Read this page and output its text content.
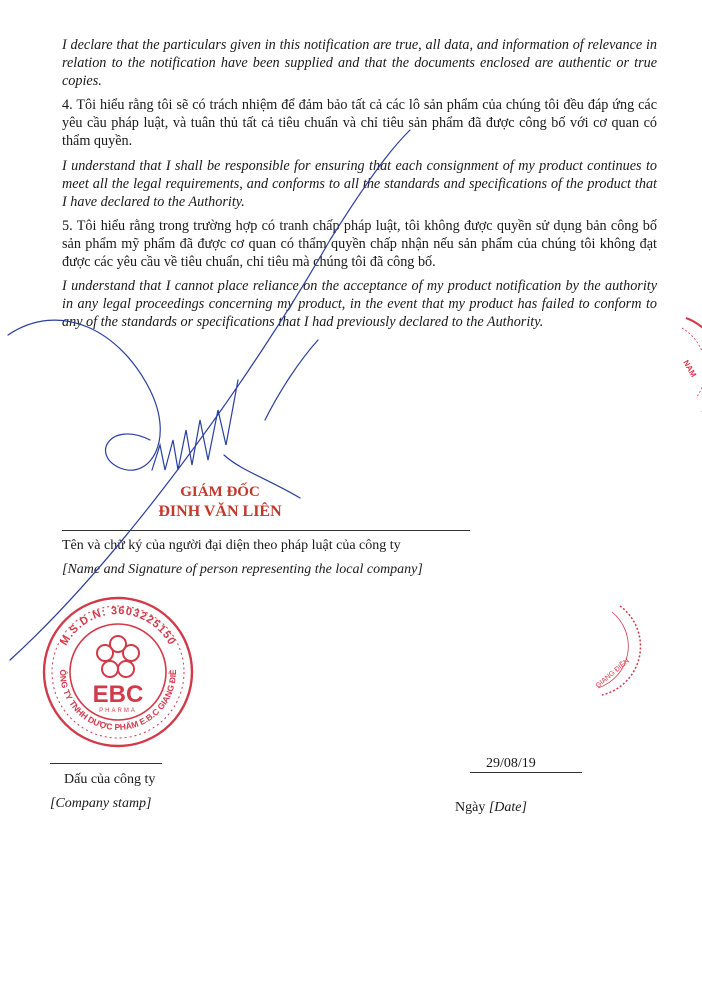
I declare that the particulars given in this notification are true, all data, and information of relevance in relation to the notification have been supplied and that the documents enclosed are authentic or true copies.

4. Tôi hiểu rằng tôi sẽ có trách nhiệm để đảm bảo tất cả các lô sản phẩm của chúng tôi đều đáp ứng các yêu cầu pháp luật, và tuân thủ tất cả tiêu chuẩn và chỉ tiêu sản phẩm đã được công bố với cơ quan có thẩm quyền.

I understand that I shall be responsible for ensuring that each consignment of my product continues to meet all the legal requirements, and conforms to all the standards and specifications of the product that I have declared to the Authority.

5. Tôi hiểu rằng trong trường hợp có tranh chấp pháp luật, tôi không được quyền sử dụng bản công bố sản phẩm mỹ phẩm đã được cơ quan có thẩm quyền chấp nhận nếu sản phẩm của chúng tôi không đạt được các yêu cầu về tiêu chuẩn, chỉ tiêu mà chúng tôi đã công bố.

I understand that I cannot place reliance on the acceptance of my product notification by the authority in any legal proceedings concerning my product, in the event that my product has failed to conform to any of the standards or specifications that I had previously declared to the Authority.

GIÁM ĐỐC
ĐINH VĂN LIÊN
Tên và chữ ký của người đại diện theo pháp luật của công ty
[Name and Signature of person representing the local company]
Dấu của công ty
[Company stamp]
29/08/19
Ngày [Date]
M.S.D.N: 3603225150
CÔNG TY TNHH DƯỢC PHẨM E.B.C GIANG ĐIỀN
EBC
PHARMA
NAM
GIANG ĐIỀN
